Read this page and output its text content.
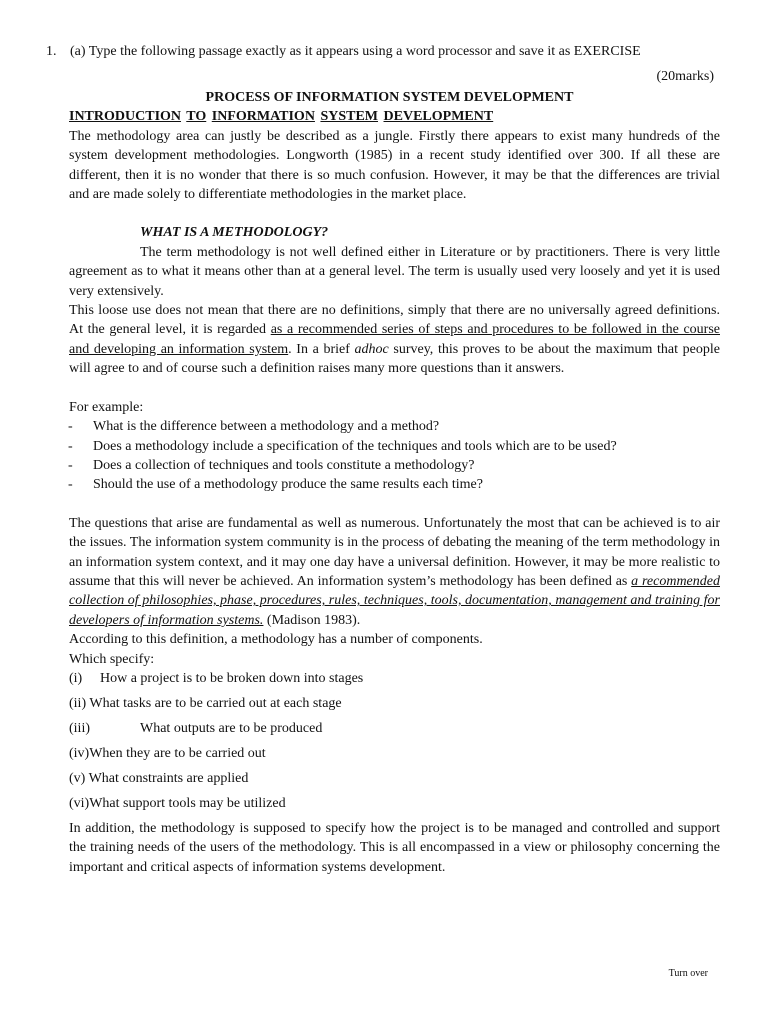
1. (a) Type the following passage exactly as it appears using a word processor and save it as EXERCISE
(20marks)
PROCESS OF INFORMATION SYSTEM DEVELOPMENT
INTRODUCTION TO INFORMATION SYSTEM DEVELOPMENT

The methodology area can justly be described as a jungle. Firstly there appears to exist many hundreds of the system development methodologies. Longworth (1985) in a recent study identified over 300. If all these are different, then it is no wonder that there is so much confusion. However, it may be that the differences are trivial and are made solely to differentiate methodologies in the market place.

WHAT IS A METHODOLOGY?

The term methodology is not well defined either in Literature or by practitioners. There is very little agreement as to what it means other than at a general level. The term is usually used very loosely and yet it is used very extensively.

This loose use does not mean that there are no definitions, simply that there are no universally agreed definitions. At the general level, it is regarded as a recommended series of steps and procedures to be followed in the course and developing an information system. In a brief adhoc survey, this proves to be about the maximum that people will agree to and of course such a definition raises many more questions than it answers.

For example:
- What is the difference between a methodology and a method?
- Does a methodology include a specification of the techniques and tools which are to be used?
- Does a collection of techniques and tools constitute a methodology?
- Should the use of a methodology produce the same results each time?

The questions that arise are fundamental as well as numerous. Unfortunately the most that can be achieved is to air the issues. The information system community is in the process of debating the meaning of the term methodology in an information system context, and it may one day have a universal definition. However, it may be more realistic to assume that this will never be achieved. An information system’s methodology has been defined as a recommended collection of philosophies, phase, procedures, rules, techniques, tools, documentation, management and training for developers of information systems. (Madison 1983).

According to this definition, a methodology has a number of components.
Which specify:
(i) How a project is to be broken down into stages
(ii) What tasks are to be carried out at each stage
(iii)	What outputs are to be produced
(iv)When they are to be carried out
(v) What constraints are applied
(vi)What support tools may be utilized

In addition, the methodology is supposed to specify how the project is to be managed and controlled and support the training needs of the users of the methodology. This is all encompassed in a view or philosophy concerning the important and critical aspects of information systems development.

Turn over
